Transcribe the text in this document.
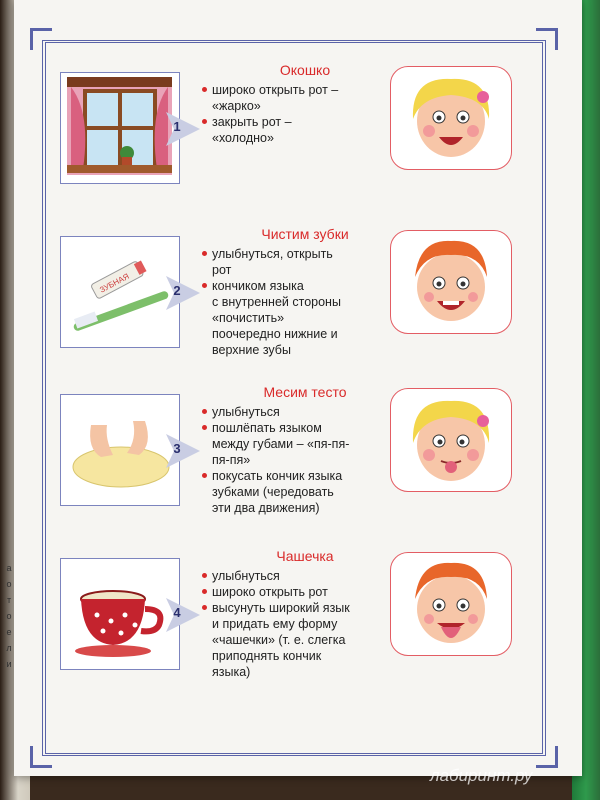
а
о
т
о
е
л
и
1
Окошко
широко открыть рот –
«жарко»
закрыть рот –
«холодно»
ЗУБНАЯ	2
Чистим зубки
улыбнуться, открыть
рот
кончиком языка
с внутренней стороны
«почистить»
поочередно нижние и
верхние зубы
3
Месим тесто
улыбнуться
пошлёпать языком
между губами – «пя-пя-
пя-пя»
покусать кончик языка
зубками (чередовать
эти два движения)
4
Чашечка
улыбнуться
широко открыть рот
высунуть широкий язык
и придать ему форму
«чашечки» (т. е. слегка
приподнять кончик
языка)
лабиринт.ру
